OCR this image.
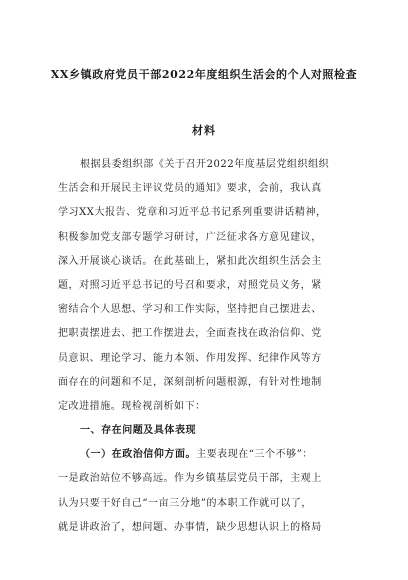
XX乡镇政府党员干部2022年度组织生活会的个人对照检查
材料
根据县委组织部《关于召开2022年度基层党组织组织
生活会和开展民主评议党员的通知》要求，会前，我认真
学习XX大报告、党章和习近平总书记系列重要讲话精神，
积极参加党支部专题学习研讨，广泛征求各方意见建议，
深入开展谈心谈话。在此基础上，紧扣此次组织生活会主
题，对照习近平总书记的号召和要求，对照党员义务，紧
密结合个人思想、学习和工作实际，坚持把自己摆进去、
把职责摆进去、把工作摆进去，全面查找在政治信仰、党
员意识、理论学习、能力本领、作用发挥、纪律作风等方
面存在的问题和不足，深刻剖析问题根源，有针对性地制
定改进措施。现检视剖析如下：
一、存在问题及具体表现
（一）在政治信仰方面。主要表现在“三个不够”：
一是政治站位不够高远。作为乡镇基层党员干部，主观上
认为只要干好自己“一亩三分地”的本职工作就可以了，
就是讲政治了，想问题、办事情，缺少思想认识上的格局
